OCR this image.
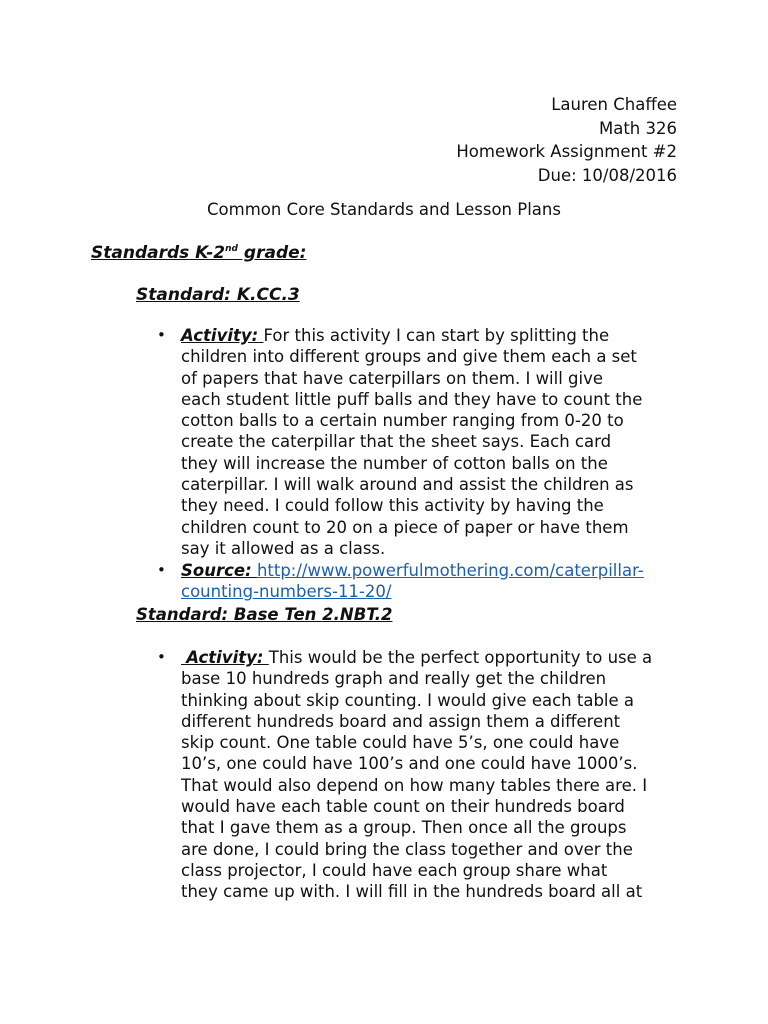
Lauren Chaffee
Math 326
Homework Assignment #2
Due: 10/08/2016
Common Core Standards and Lesson Plans
Standards K-2nd grade:
Standard: K.CC.3
• Activity: For this activity I can start by splitting the
children into different groups and give them each a set
of papers that have caterpillars on them. I will give
each student little puff balls and they have to count the
cotton balls to a certain number ranging from 0-20 to
create the caterpillar that the sheet says. Each card
they will increase the number of cotton balls on the
caterpillar. I will walk around and assist the children as
they need. I could follow this activity by having the
children count to 20 on a piece of paper or have them
say it allowed as a class.
• Source: http://www.powerfulmothering.com/caterpillar-
counting-numbers-11-20/
Standard: Base Ten 2.NBT.2
•	Activity: This would be the perfect opportunity to use a
base 10 hundreds graph and really get the children
thinking about skip counting. I would give each table a
different hundreds board and assign them a different
skip count. One table could have 5’s, one could have
10’s, one could have 100’s and one could have 1000’s.
That would also depend on how many tables there are. I
would have each table count on their hundreds board
that I gave them as a group. Then once all the groups
are done, I could bring the class together and over the
class projector, I could have each group share what
they came up with. I will fill in the hundreds board all at
